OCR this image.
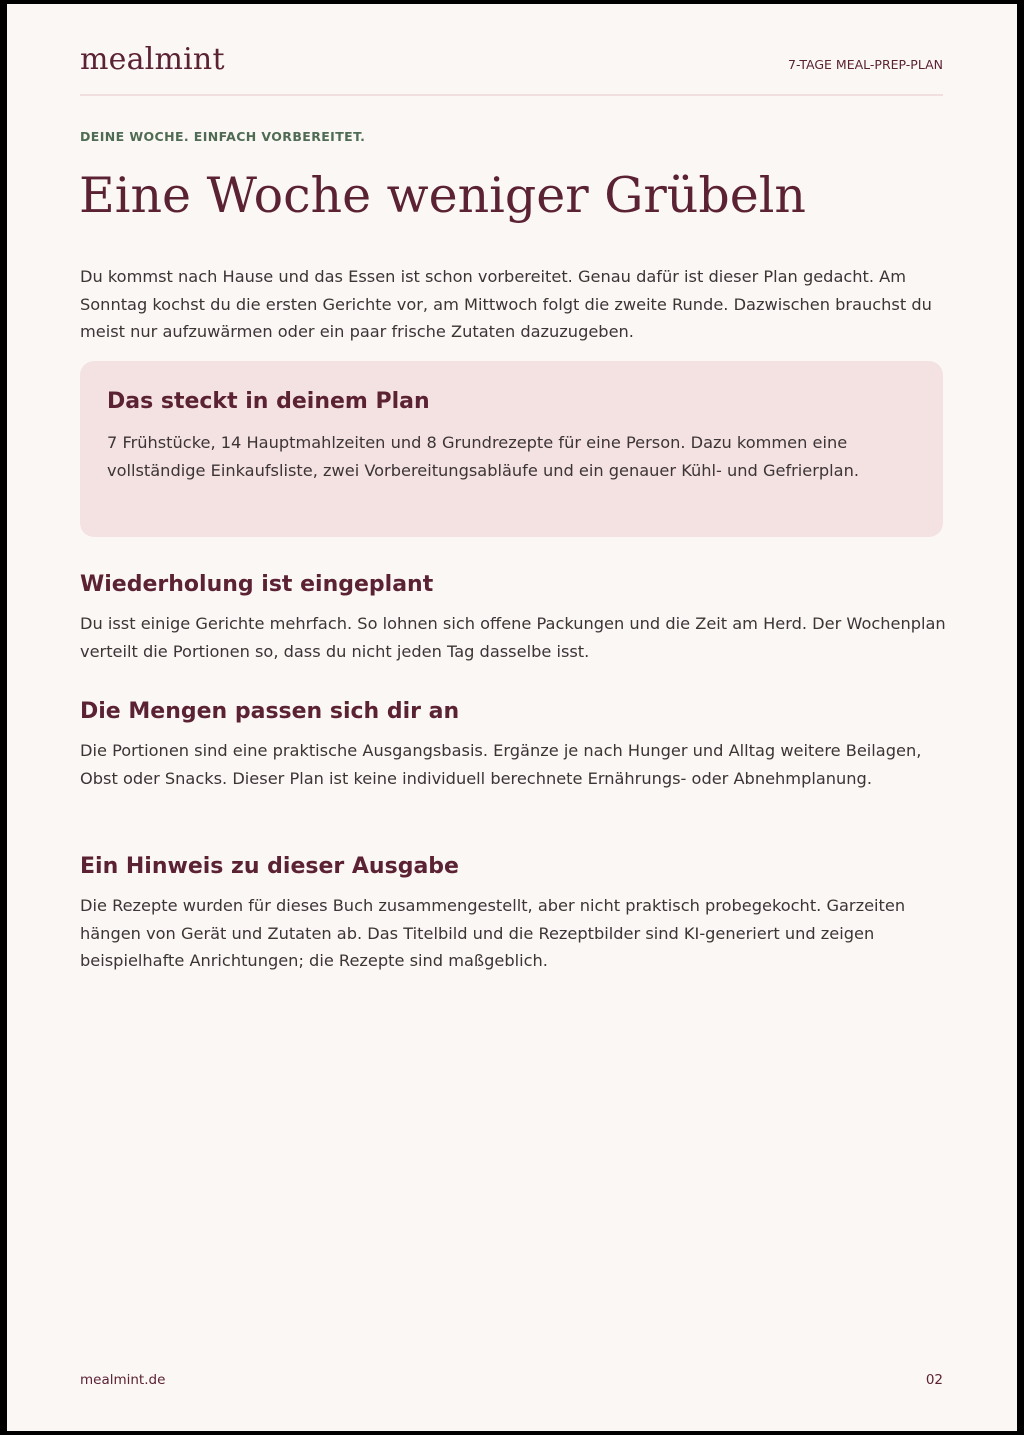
mealmint	7-TAGE MEAL-PREP-PLAN
DEINE WOCHE. EINFACH VORBEREITET.
Eine Woche weniger Grübeln

Du kommst nach Hause und das Essen ist schon vorbereitet. Genau dafür ist dieser Plan gedacht. Am Sonntag kochst du die ersten Gerichte vor, am Mittwoch folgt die zweite Runde. Dazwischen brauchst du meist nur aufzuwärmen oder ein paar frische Zutaten dazuzugeben.

Das steckt in deinem Plan

7 Frühstücke, 14 Hauptmahlzeiten und 8 Grundrezepte für eine Person. Dazu kommen eine vollständige Einkaufsliste, zwei Vorbereitungsabläufe und ein genauer Kühl- und Gefrierplan.

Wiederholung ist eingeplant

Du isst einige Gerichte mehrfach. So lohnen sich offene Packungen und die Zeit am Herd. Der Wochenplan verteilt die Portionen so, dass du nicht jeden Tag dasselbe isst.

Die Mengen passen sich dir an

Die Portionen sind eine praktische Ausgangsbasis. Ergänze je nach Hunger und Alltag weitere Beilagen, Obst oder Snacks. Dieser Plan ist keine individuell berechnete Ernährungs- oder Abnehmplanung.

Ein Hinweis zu dieser Ausgabe

Die Rezepte wurden für dieses Buch zusammengestellt, aber nicht praktisch probegekocht. Garzeiten hängen von Gerät und Zutaten ab. Das Titelbild und die Rezeptbilder sind KI-generiert und zeigen beispielhafte Anrichtungen; die Rezepte sind maßgeblich.

mealmint.de	02
